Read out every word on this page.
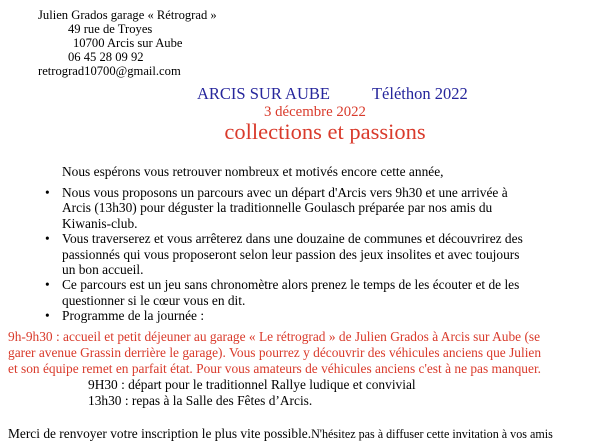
Julien Grados garage « Rétrograd »
49 rue de Troyes
10700 Arcis sur Aube
06 45 28 09 92
retrograd10700@gmail.com
ARCIS SUR AUBE	Téléthon 2022
3 décembre 2022
collections et passions
Nous espérons vous retrouver nombreux et motivés encore cette année,
• Nous vous proposons un parcours avec un départ d'Arcis vers 9h30 et une arrivée à
Arcis (13h30) pour déguster la traditionnelle Goulasch préparée par nos amis du
Kiwanis-club.
• Vous traverserez et vous arrêterez dans une douzaine de communes et découvrirez des
passionnés qui vous proposeront selon leur passion des jeux insolites et avec toujours
un bon accueil.
• Ce parcours est un jeu sans chronomètre alors prenez le temps de les écouter et de les
questionner si le cœur vous en dit.
• Programme de la journée :
9h-9h30 : accueil et petit déjeuner au garage « Le rétrograd » de Julien Grados à Arcis sur Aube (se
garer avenue Grassin derrière le garage). Vous pourrez y découvrir des véhicules anciens que Julien
et son équipe remet en parfait état. Pour vous amateurs de véhicules anciens c'est à ne pas manquer.
9H30 : départ pour le traditionnel Rallye ludique et convivial
13h30 : repas à la Salle des Fêtes d’Arcis.
Merci de renvoyer votre inscription le plus vite possible.N'hésitez pas à diffuser cette invitation à vos amis
